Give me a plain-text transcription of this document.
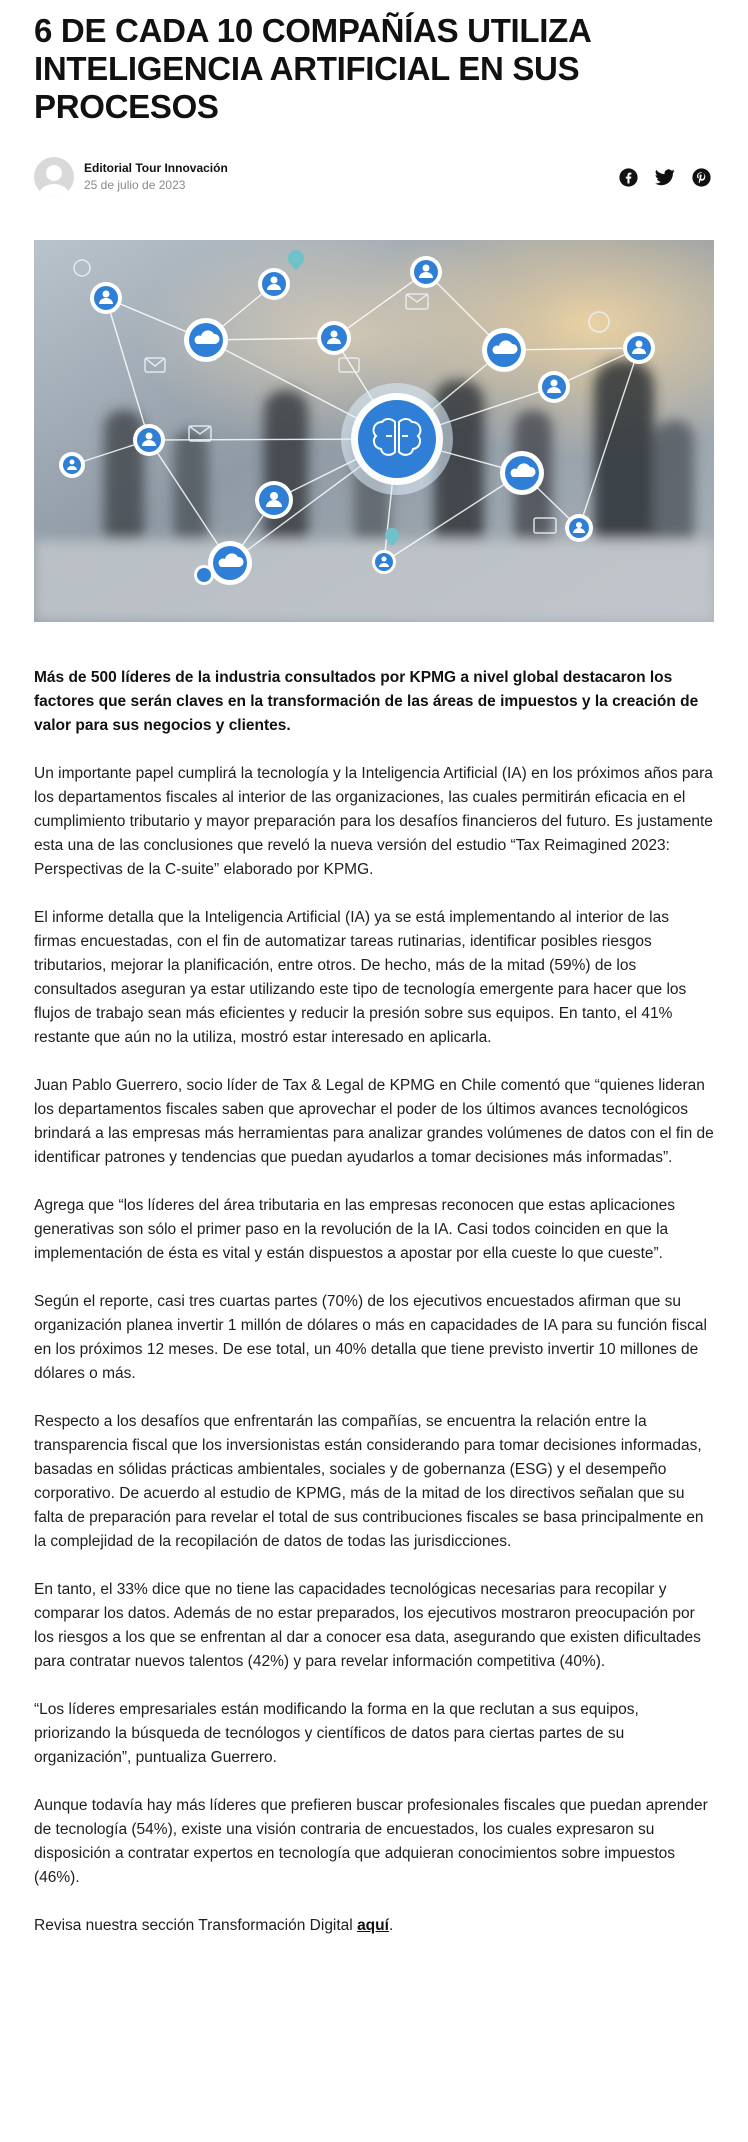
6 DE CADA 10 COMPAÑÍAS UTILIZA INTELIGENCIA ARTIFICIAL EN SUS PROCESOS
Editorial Tour Innovación
25 de julio de 2023

Más de 500 líderes de la industria consultados por KPMG a nivel global destacaron los factores que serán claves en la transformación de las áreas de impuestos y la creación de valor para sus negocios y clientes.

Un importante papel cumplirá la tecnología y la Inteligencia Artificial (IA) en los próximos años para los departamentos fiscales al interior de las organizaciones, las cuales permitirán eficacia en el cumplimiento tributario y mayor preparación para los desafíos financieros del futuro. Es justamente esta una de las conclusiones que reveló la nueva versión del estudio “Tax Reimagined 2023: Perspectivas de la C-suite” elaborado por KPMG.

El informe detalla que la Inteligencia Artificial (IA) ya se está implementando al interior de las firmas encuestadas, con el fin de automatizar tareas rutinarias, identificar posibles riesgos tributarios, mejorar la planificación, entre otros. De hecho, más de la mitad (59%) de los consultados aseguran ya estar utilizando este tipo de tecnología emergente para hacer que los flujos de trabajo sean más eficientes y reducir la presión sobre sus equipos. En tanto, el 41% restante que aún no la utiliza, mostró estar interesado en aplicarla.

Juan Pablo Guerrero, socio líder de Tax & Legal de KPMG en Chile comentó que “quienes lideran los departamentos fiscales saben que aprovechar el poder de los últimos avances tecnológicos brindará a las empresas más herramientas para analizar grandes volúmenes de datos con el fin de identificar patrones y tendencias que puedan ayudarlos a tomar decisiones más informadas”.

Agrega que “los líderes del área tributaria en las empresas reconocen que estas aplicaciones generativas son sólo el primer paso en la revolución de la IA. Casi todos coinciden en que la implementación de ésta es vital y están dispuestos a apostar por ella cueste lo que cueste”.

Según el reporte, casi tres cuartas partes (70%) de los ejecutivos encuestados afirman que su organización planea invertir 1 millón de dólares o más en capacidades de IA para su función fiscal en los próximos 12 meses. De ese total, un 40% detalla que tiene previsto invertir 10 millones de dólares o más.

Respecto a los desafíos que enfrentarán las compañías, se encuentra la relación entre la transparencia fiscal que los inversionistas están considerando para tomar decisiones informadas, basadas en sólidas prácticas ambientales, sociales y de gobernanza (ESG) y el desempeño corporativo. De acuerdo al estudio de KPMG, más de la mitad de los directivos señalan que su falta de preparación para revelar el total de sus contribuciones fiscales se basa principalmente en la complejidad de la recopilación de datos de todas las jurisdicciones.

En tanto, el 33% dice que no tiene las capacidades tecnológicas necesarias para recopilar y comparar los datos. Además de no estar preparados, los ejecutivos mostraron preocupación por los riesgos a los que se enfrentan al dar a conocer esa data, asegurando que existen dificultades para contratar nuevos talentos (42%) y para revelar información competitiva (40%).

“Los líderes empresariales están modificando la forma en la que reclutan a sus equipos, priorizando la búsqueda de tecnólogos y científicos de datos para ciertas partes de su organización”, puntualiza Guerrero.

Aunque todavía hay más líderes que prefieren buscar profesionales fiscales que puedan aprender de tecnología (54%), existe una visión contraria de encuestados, los cuales expresaron su disposición a contratar expertos en tecnología que adquieran conocimientos sobre impuestos (46%).

Revisa nuestra sección Transformación Digital aquí.
